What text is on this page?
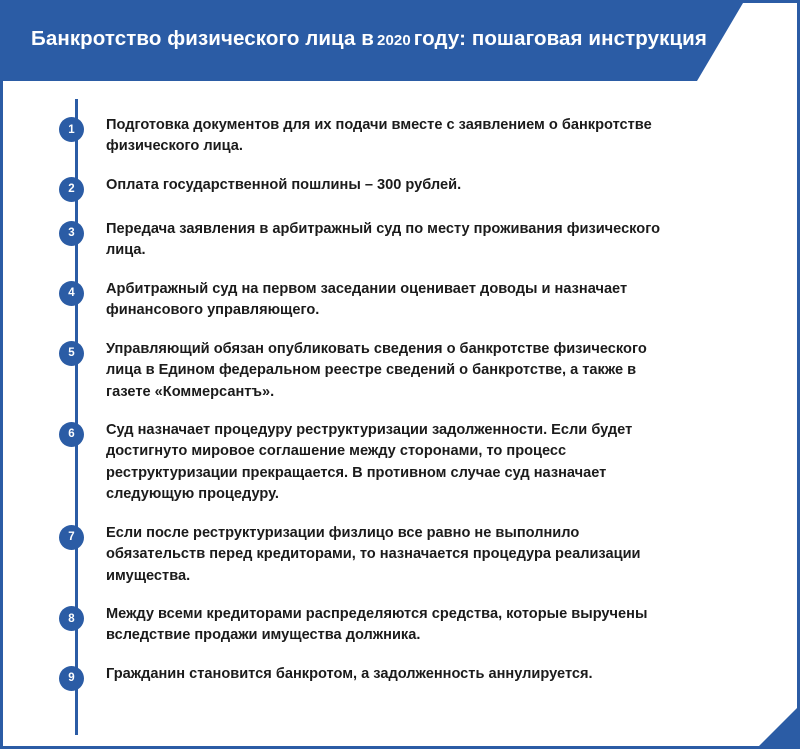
Банкротство физического лица в 2020 году: пошаговая инструкция
1	Подготовка документов для их подачи вместе с заявлением о банкротстве физического лица.
2	Оплата государственной пошлины – 300 рублей.
3	Передача заявления в арбитражный суд по месту проживания физического лица.
4	Арбитражный суд на первом заседании оценивает доводы и назначает финансового управляющего.
5	Управляющий обязан опубликовать сведения о банкротстве физического лица в Едином федеральном реестре сведений о банкротстве, а также в газете «Коммерсантъ».
6	Суд назначает процедуру реструктуризации задолженности. Если будет достигнуто мировое соглашение между сторонами, то процесс реструктуризации прекращается. В противном случае суд назначает следующую процедуру.
7	Если после реструктуризации физлицо все равно не выполнило обязательств перед кредиторами, то назначается процедура реализации имущества.
8	Между всеми кредиторами распределяются средства, которые выручены вследствие продажи имущества должника.
9	Гражданин становится банкротом, а задолженность аннулируется.
